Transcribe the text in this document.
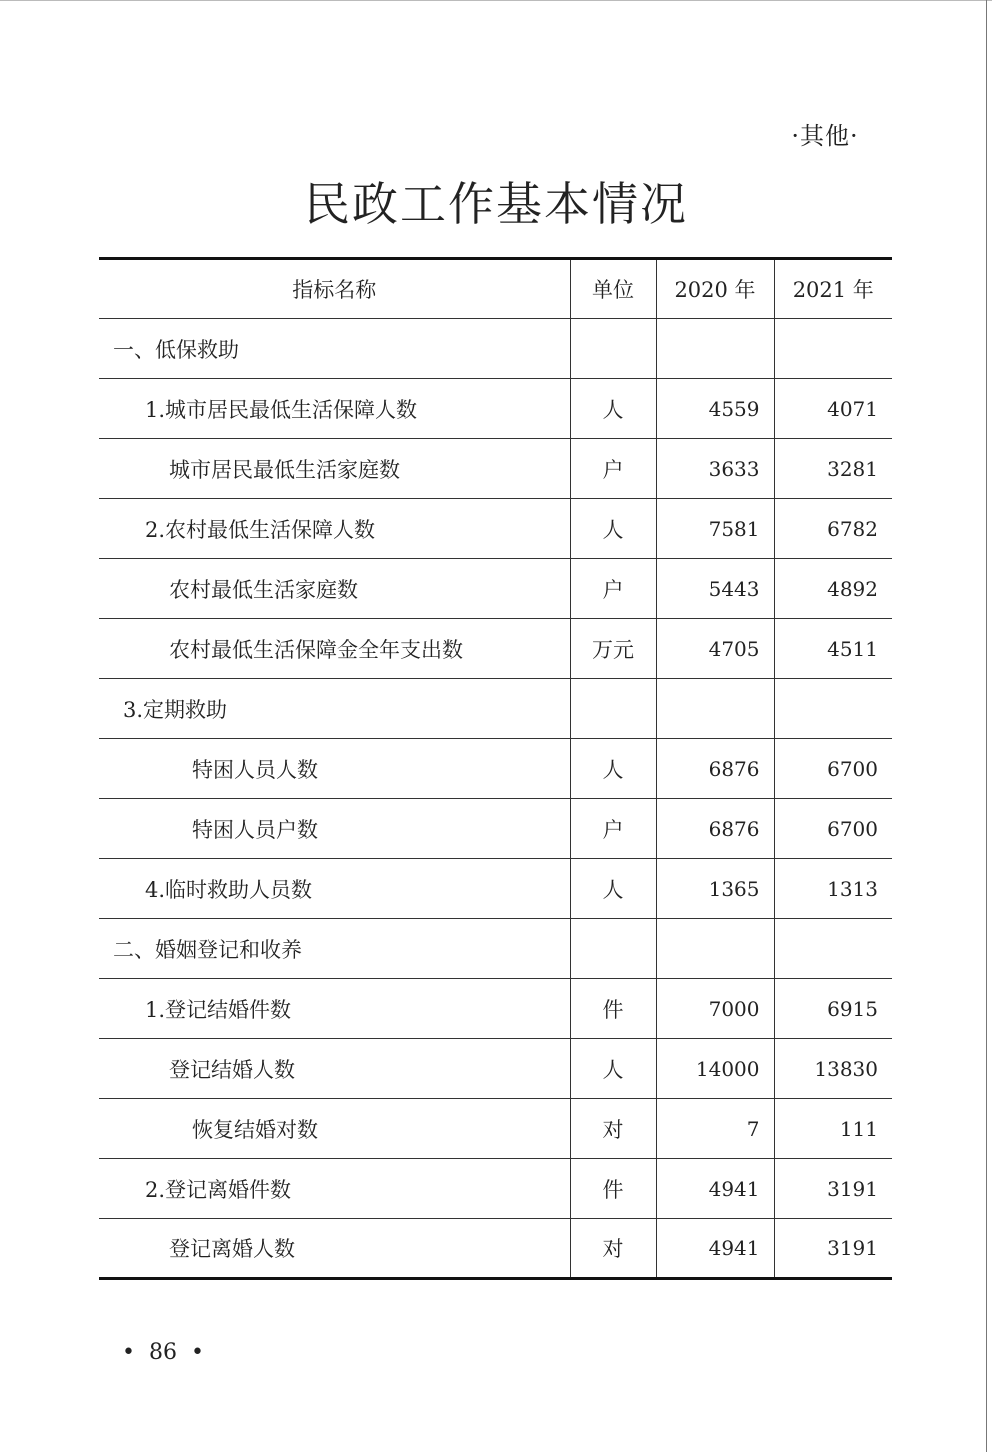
·其他·
民政工作基本情况
指标名称	单位	2020 年	2021 年
一、低保救助			
1.城市居民最低生活保障人数	人	4559	4071
城市居民最低生活家庭数	户	3633	3281
2.农村最低生活保障人数	人	7581	6782
农村最低生活家庭数	户	5443	4892
农村最低生活保障金全年支出数	万元	4705	4511
3.定期救助			
特困人员人数	人	6876	6700
特困人员户数	户	6876	6700
4.临时救助人员数	人	1365	1313
二、婚姻登记和收养			
1.登记结婚件数	件	7000	6915
登记结婚人数	人	14000	13830
恢复结婚对数	对	7	111
2.登记离婚件数	件	4941	3191
登记离婚人数	对	4941	3191
• 86 •
